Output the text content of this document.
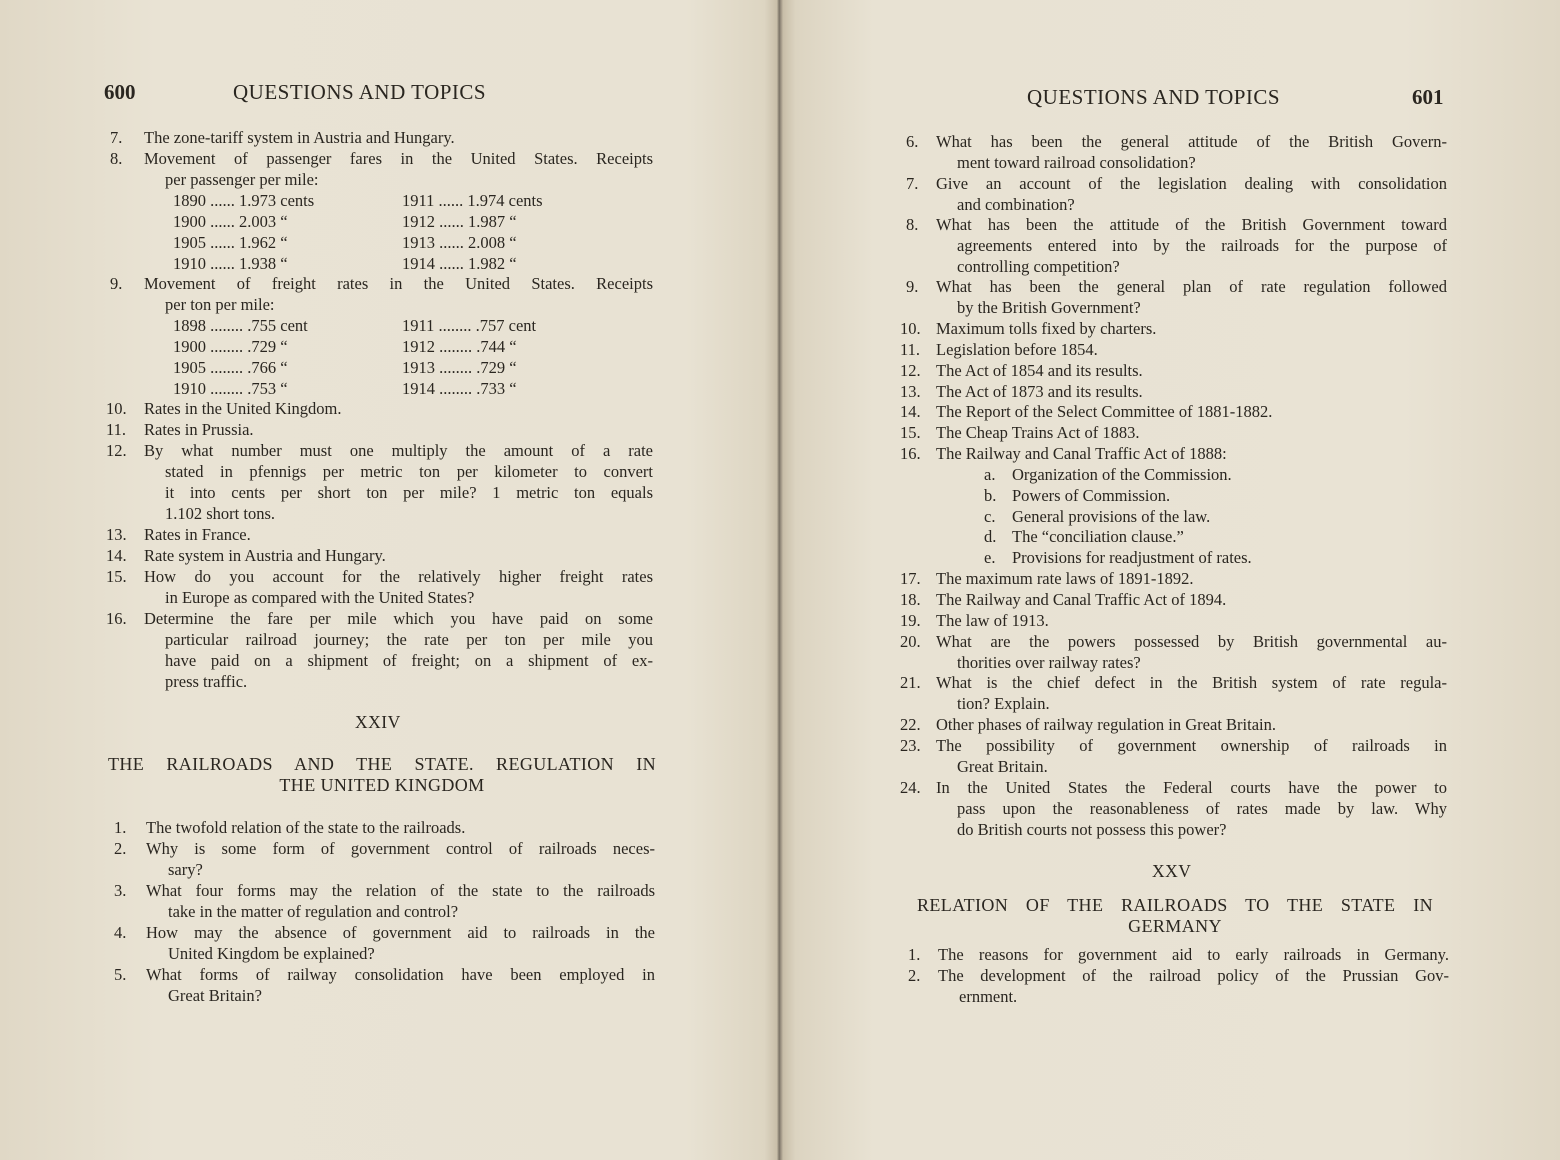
600	QUESTIONS AND TOPICS
7.	The zone-tariff system in Austria and Hungary.
8.	Movement of passenger fares in the United States. Receipts
per passenger per mile:
1890 ...... 1.973 cents	1911 ...... 1.974 cents
1900 ...... 2.003 “	1912 ...... 1.987 “
1905 ...... 1.962 “	1913 ...... 2.008 “
1910 ...... 1.938 “	1914 ...... 1.982 “
9.	Movement of freight rates in the United States. Receipts
per ton per mile:
1898 ........ .755 cent	1911 ........ .757 cent
1900 ........ .729 “	1912 ........ .744 “
1905 ........ .766 “	1913 ........ .729 “
1910 ........ .753 “	1914 ........ .733 “
10.	Rates in the United Kingdom.
11.	Rates in Prussia.
12.	By what number must one multiply the amount of a rate
stated in pfennigs per metric ton per kilometer to convert
it into cents per short ton per mile? 1 metric ton equals
1.102 short tons.
13.	Rates in France.
14.	Rate system in Austria and Hungary.
15.	How do you account for the relatively higher freight rates
in Europe as compared with the United States?
16.	Determine the fare per mile which you have paid on some
particular railroad journey; the rate per ton per mile you
have paid on a shipment of freight; on a shipment of ex-
press traffic.
XXIV
THE RAILROADS AND THE STATE. REGULATION IN
THE UNITED KINGDOM
1.	The twofold relation of the state to the railroads.
2.	Why is some form of government control of railroads neces-
sary?
3.	What four forms may the relation of the state to the railroads
take in the matter of regulation and control?
4.	How may the absence of government aid to railroads in the
United Kingdom be explained?
5.	What forms of railway consolidation have been employed in
Great Britain?
QUESTIONS AND TOPICS	601
6.	What has been the general attitude of the British Govern-
ment toward railroad consolidation?
7.	Give an account of the legislation dealing with consolidation
and combination?
8.	What has been the attitude of the British Government toward
agreements entered into by the railroads for the purpose of
controlling competition?
9.	What has been the general plan of rate regulation followed
by the British Government?
10. Maximum tolls fixed by charters.
11. Legislation before 1854.
12. The Act of 1854 and its results.
13. The Act of 1873 and its results.
14. The Report of the Select Committee of 1881-1882.
15. The Cheap Trains Act of 1883.
16. The Railway and Canal Traffic Act of 1888:
a.	Organization of the Commission.
b. Powers of Commission.
c.	General provisions of the law.
d. The “conciliation clause.”
e.	Provisions for readjustment of rates.
17. The maximum rate laws of 1891-1892.
18. The Railway and Canal Traffic Act of 1894.
19. The law of 1913.
20. What are the powers possessed by British governmental au-
thorities over railway rates?
21. What is the chief defect in the British system of rate regula-
tion? Explain.
22. Other phases of railway regulation in Great Britain.
23. The possibility of government ownership of railroads in
Great Britain.
24. In the United States the Federal courts have the power to
pass upon the reasonableness of rates made by law. Why
do British courts not possess this power?
XXV
RELATION OF THE RAILROADS TO THE STATE IN
GERMANY
1.	The reasons for government aid to early railroads in Germany.
2.	The development of the railroad policy of the Prussian Gov-
ernment.
